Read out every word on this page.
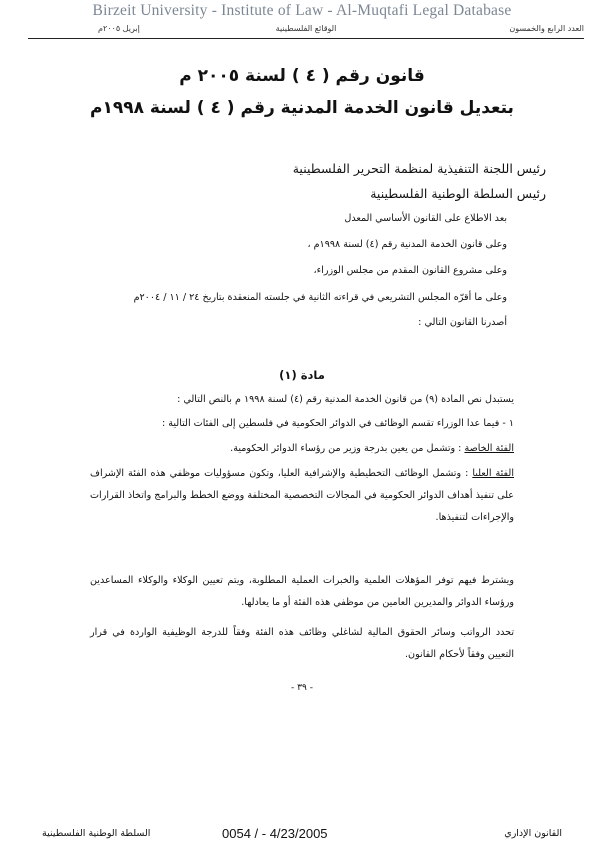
Birzeit University - Institute of Law - Al-Muqtafi Legal Database
العدد الرابع والخمسون
الوقائع الفلسطينية
إبريل ٢٠٠٥م
قانون رقم ( ٤ ) لسنة ٢٠٠٥ م
بتعديل قانون الخدمة المدنية رقم ( ٤ ) لسنة ١٩٩٨م
رئيس اللجنة التنفيذية لمنظمة التحرير الفلسطينية
رئيس السلطة الوطنية الفلسطينية
بعد الاطلاع على القانون الأساسي المعدل
وعلى قانون الخدمة المدنية رقم (٤) لسنة ١٩٩٨م ،
وعلى مشروع القانون المقدم من مجلس الوزراء،
وعلى ما أقرّه المجلس التشريعي في قراءته الثانية في جلسته المنعقدة بتاريخ ٢٤ / ١١ / ٢٠٠٤م
أصدرنا القانون التالي :
مادة (١)
يستبدل نص المادة (٩) من قانون الخدمة المدنية رقم (٤) لسنة ١٩٩٨ م بالنص التالي :
١ - فيما عدا الوزراء تقسم الوظائف في الدوائر الحكومية في فلسطين إلى الفئات التالية :
الفئة الخاصة : وتشمل من يعين بدرجة وزير من رؤساء الدوائر الحكومية.
الفئة العليا : وتشمل الوظائف التخطيطية والإشرافية العليا، وتكون مسؤوليات موظفي هذه الفئة الإشراف على تنفيذ أهداف الدوائر الحكومية في المجالات التخصصية المختلفة ووضع الخطط والبرامج واتخاذ القرارات والإجراءات لتنفيذها.
ويشترط فيهم توفر المؤهلات العلمية والخبرات العملية المطلوبة، ويتم تعيين الوكلاء والوكلاء المساعدين ورؤساء الدوائر والمديرين العامين من موظفي هذه الفئة أو ما يعادلها.
تحدد الرواتب وسائر الحقوق المالية لشاغلي وظائف هذه الفئة وفقاً للدرجة الوظيفية الواردة في قرار التعيين وفقاً لأحكام القانون.
- ٣٩ -
السلطة الوطنية الفلسطينية	0054 / - 4/23/2005	القانون الإداري
